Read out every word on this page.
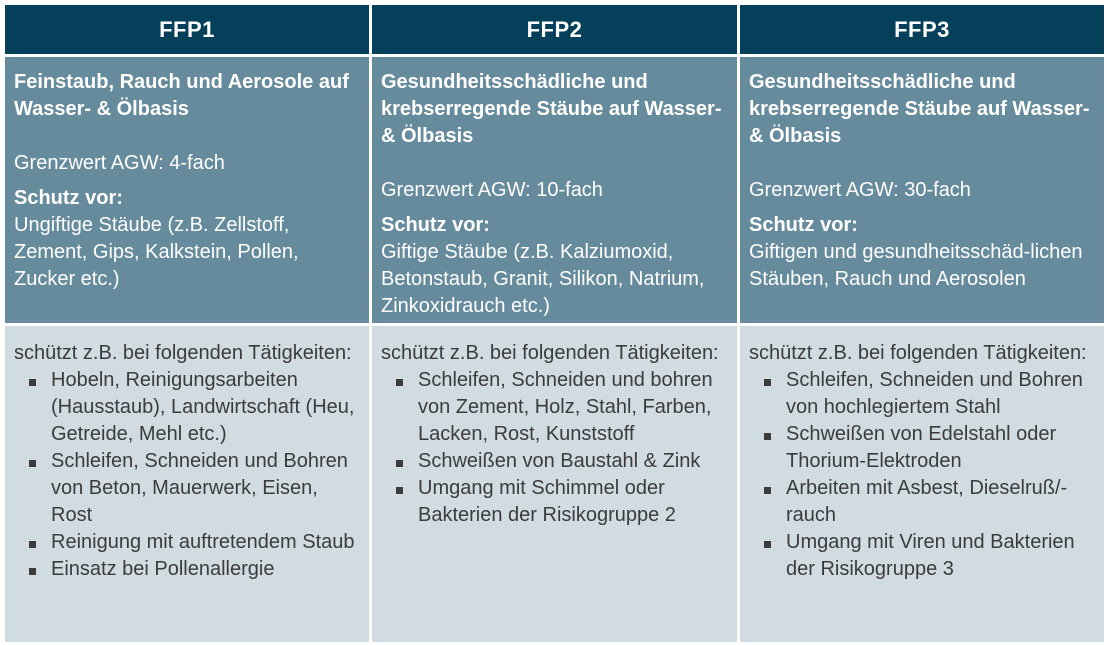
FFP1	FFP2	FFP3

Feinstaub, Rauch und Aerosole auf Wasser- & Ölbasis

Grenzwert AGW: 4-fach

Schutz vor:

Ungiftige Stäube (z.B. Zellstoff, Zement, Gips, Kalkstein, Pollen, Zucker etc.)

Gesundheitsschädliche und krebserregende Stäube auf Wasser- & Ölbasis

Grenzwert AGW: 10-fach

Schutz vor:

Giftige Stäube (z.B. Kalziumoxid, Betonstaub, Granit, Silikon, Natrium, Zinkoxidrauch etc.)

Gesundheitsschädliche und krebserregende Stäube auf Wasser- & Ölbasis

Grenzwert AGW: 30-fach

Schutz vor:

Giftigen und gesundheitsschäd-lichen Stäuben, Rauch und Aerosolen

schützt z.B. bei folgenden Tätigkeiten:

Hobeln, Reinigungsarbeiten (Hausstaub), Landwirtschaft (Heu, Getreide, Mehl etc.)
Schleifen, Schneiden und Bohren von Beton, Mauerwerk, Eisen, Rost
Reinigung mit auftretendem Staub
Einsatz bei Pollenallergie

schützt z.B. bei folgenden Tätigkeiten:

Schleifen, Schneiden und bohren von Zement, Holz, Stahl, Farben, Lacken, Rost, Kunststoff
Schweißen von Baustahl & Zink
Umgang mit Schimmel oder Bakterien der Risikogruppe 2

schützt z.B. bei folgenden Tätigkeiten:

Schleifen, Schneiden und Bohren von hochlegiertem Stahl
Schweißen von Edelstahl oder Thorium-Elektroden
Arbeiten mit Asbest, Dieselruß/-rauch
Umgang mit Viren und Bakterien der Risikogruppe 3
